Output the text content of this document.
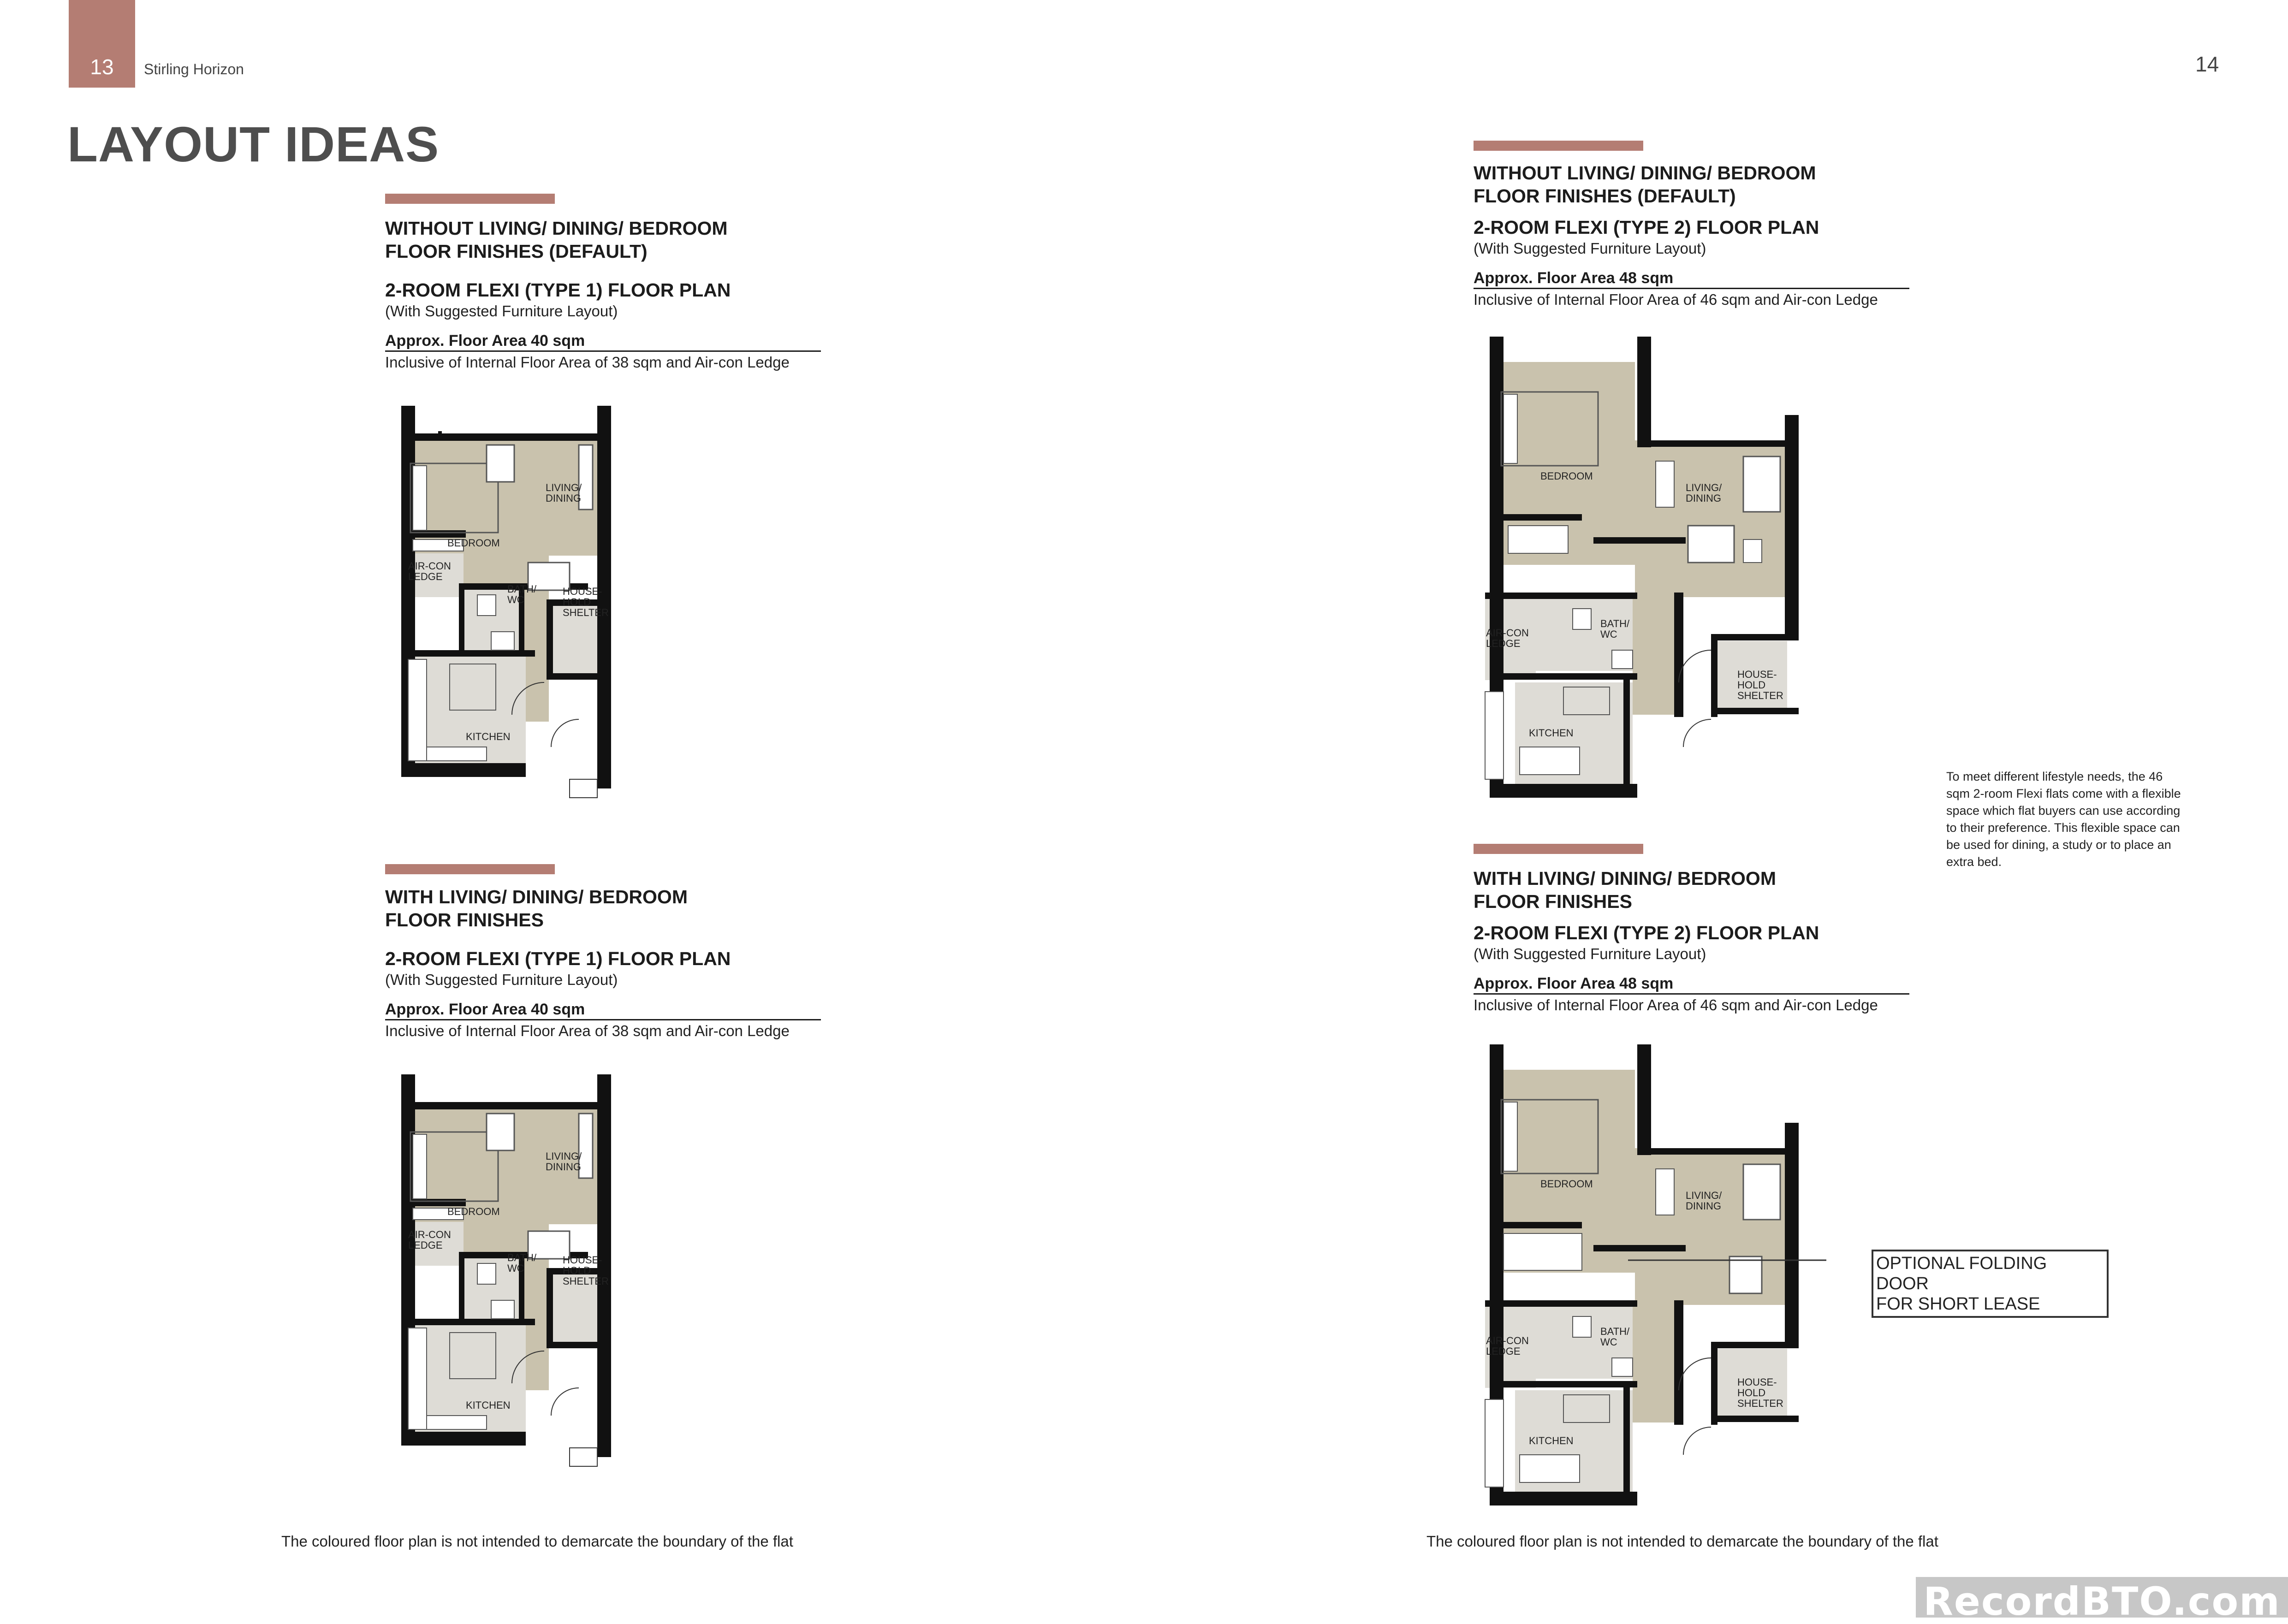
13	Stirling Horizon	14
LAYOUT IDEAS
WITHOUT LIVING/ DINING/ BEDROOM
FLOOR FINISHES (DEFAULT)
2-ROOM FLEXI (TYPE 1) FLOOR PLAN
(With Suggested Furniture Layout)
Approx. Floor Area 40 sqm
Inclusive of Internal Floor Area of 38 sqm and Air-con Ledge
WITH LIVING/ DINING/ BEDROOM
FLOOR FINISHES
2-ROOM FLEXI (TYPE 1) FLOOR PLAN
(With Suggested Furniture Layout)
Approx. Floor Area 40 sqm
Inclusive of Internal Floor Area of 38 sqm and Air-con Ledge
WITHOUT LIVING/ DINING/ BEDROOM
FLOOR FINISHES (DEFAULT)
2-ROOM FLEXI (TYPE 2) FLOOR PLAN
(With Suggested Furniture Layout)
Approx. Floor Area 48 sqm
Inclusive of Internal Floor Area of 46 sqm and Air-con Ledge
WITH LIVING/ DINING/ BEDROOM
FLOOR FINISHES
2-ROOM FLEXI (TYPE 2) FLOOR PLAN
(With Suggested Furniture Layout)
Approx. Floor Area 48 sqm
Inclusive of Internal Floor Area of 46 sqm and Air-con Ledge
LIVING/
DINING
BEDROOM
AIR-CON
LEDGE
BATH/
WC
HOUSE-
HOLD
SHELTER
KITCHEN
LIVING/
DINING
BEDROOM
AIR-CON
LEDGE
BATH/
WC
HOUSE-
HOLD
SHELTER
KITCHEN
LIVING/
DINING
BEDROOM
AIR-CON
LEDGE
BATH/
WC
HOUSE-
HOLD
SHELTER
KITCHEN
LIVING/
DINING
BEDROOM
AIR-CON
LEDGE
BATH/
WC
HOUSE-
HOLD
SHELTER
KITCHEN
OPTIONAL FOLDING DOOR
FOR SHORT LEASE
To meet different lifestyle needs, the 46 sqm 2-room Flexi flats come with a flexible space which flat buyers can use according to their preference. This flexible space can be used for dining, a study or to place an extra bed.
The coloured floor plan is not intended to demarcate the boundary of the flat	The coloured floor plan is not intended to demarcate the boundary of the flat
RecordBTO.com
